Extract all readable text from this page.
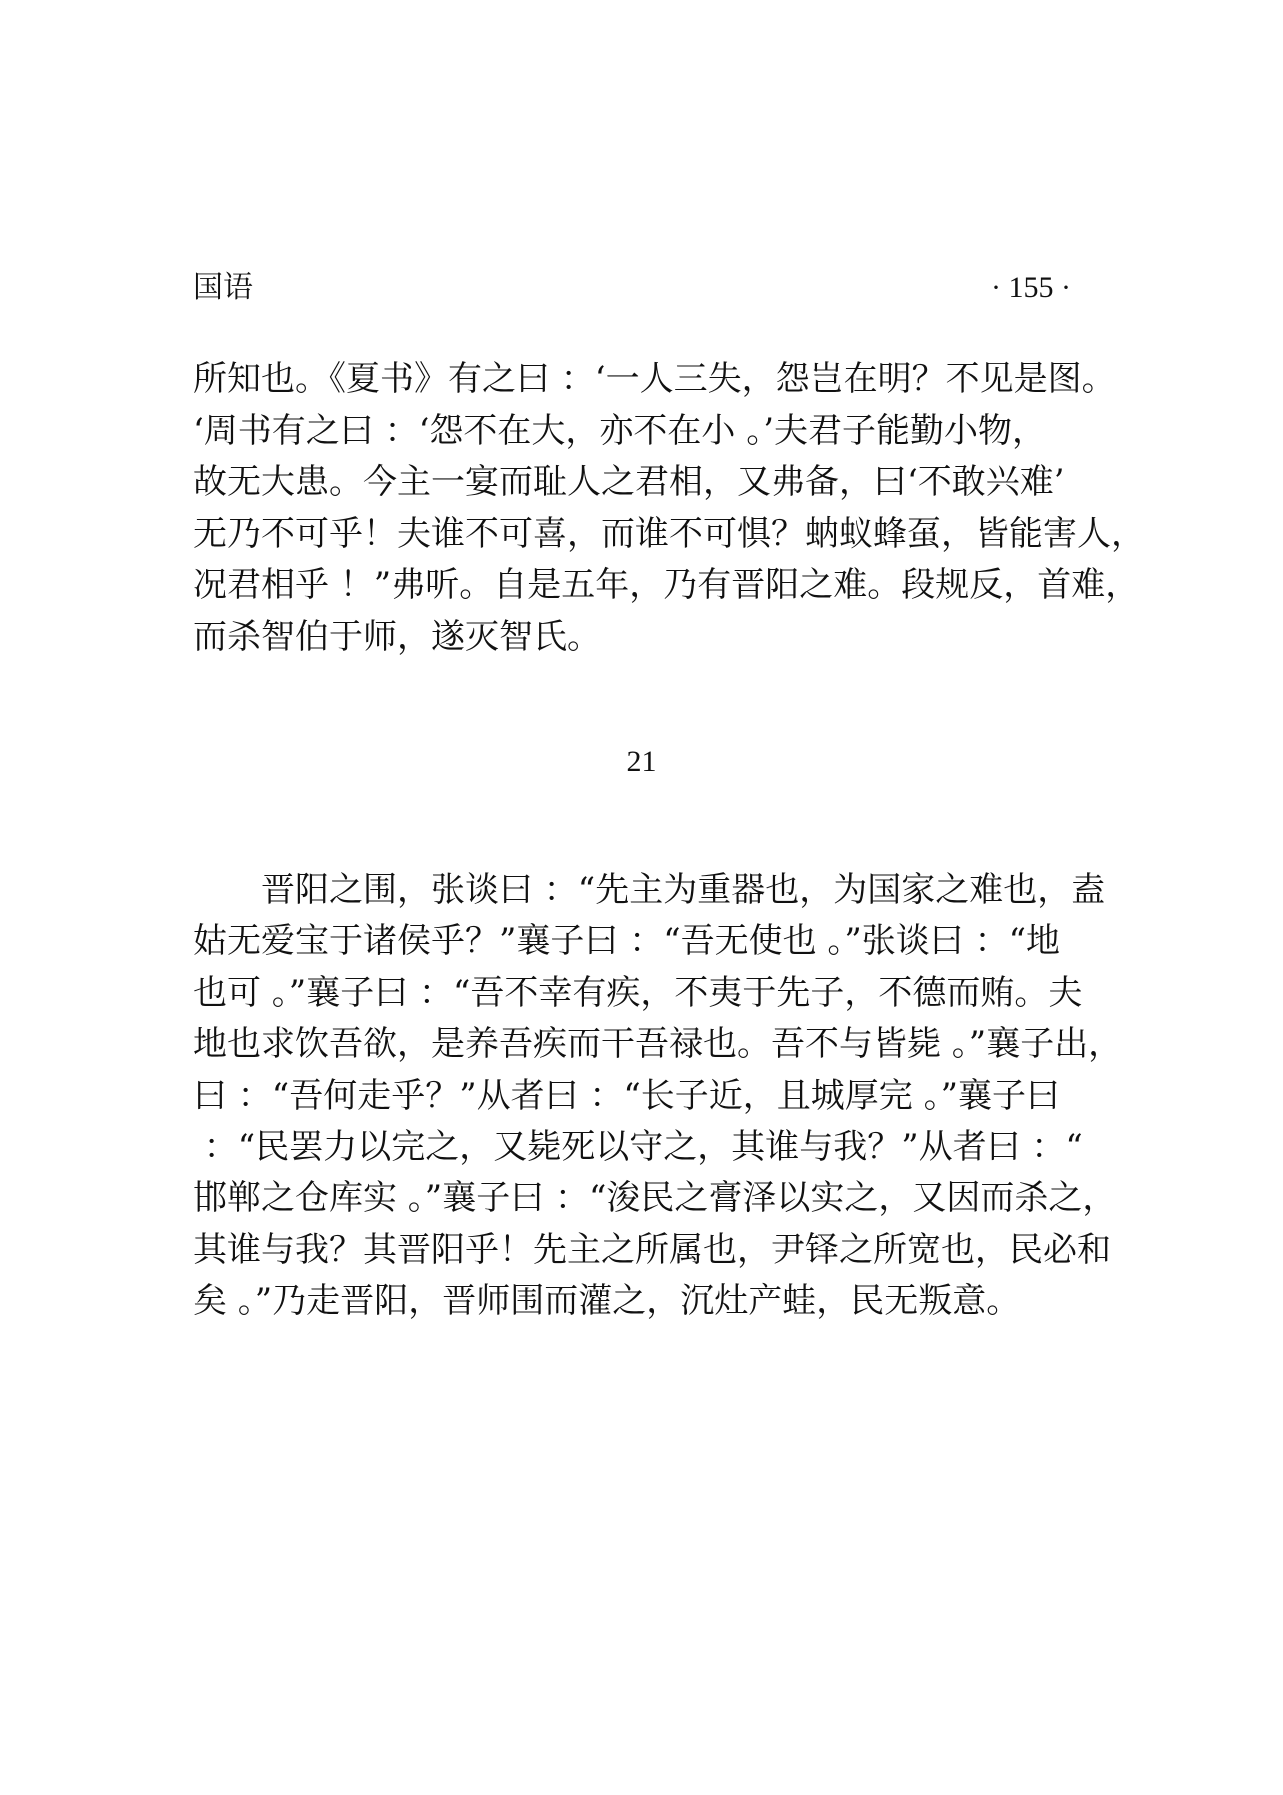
国语	· 155 ·
所知也。《夏书》有之曰 ：‘一人三失，怨岂在明？不见是图。
‘周书有之曰 ：‘怨不在大，亦不在小 。’夫君子能勤小物，
故无大患。今主一宴而耻人之君相，又弗备，曰‘不敢兴难’
无乃不可乎！夫谁不可喜，而谁不可惧？蚋蚁蜂虿，皆能害人，
况君相乎 ！”弗听。自是五年，乃有晋阳之难。段规反，首难，
而杀智伯于师，遂灭智氏。
21
晋阳之围，张谈曰 ：“先主为重器也，为国家之难也，盍
姑无爱宝于诸侯乎？”襄子曰 ：“吾无使也 。”张谈曰 ：“地
也可 。”襄子曰 ：“吾不幸有疾，不夷于先子，不德而贿。夫
地也求饮吾欲，是养吾疾而干吾禄也。吾不与皆毙 。”襄子出，
曰 ：“吾何走乎？”从者曰 ：“长子近，且城厚完 。”襄子曰
：“民罢力以完之，又毙死以守之，其谁与我？”从者曰 ：“
邯郸之仓库实 。”襄子曰 ：“浚民之膏泽以实之，又因而杀之，
其谁与我？其晋阳乎！先主之所属也，尹铎之所宽也，民必和
矣 。”乃走晋阳，晋师围而灌之，沉灶产蛙，民无叛意。
